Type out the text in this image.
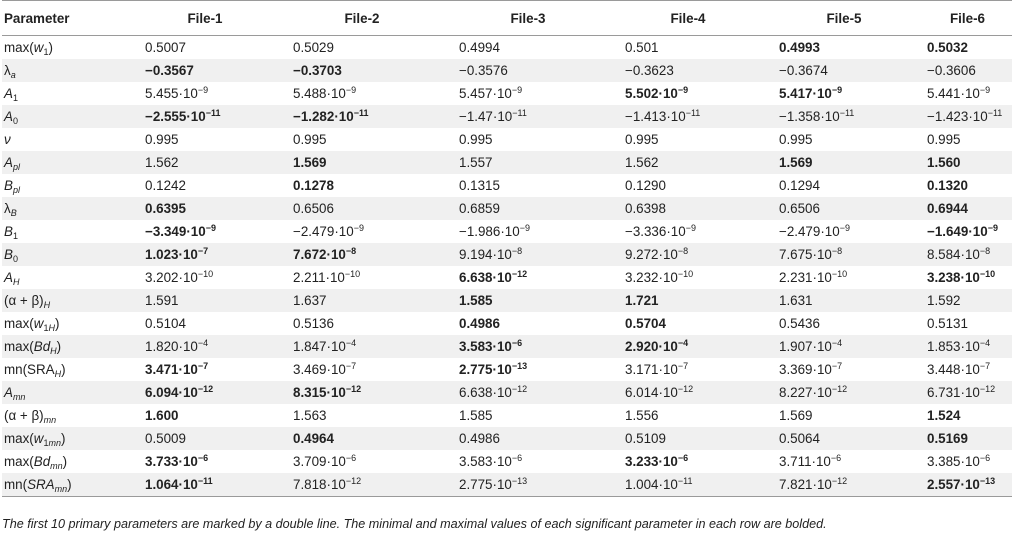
Parameter	File-1	File-2	File-3	File-4	File-5	File-6
$\max(w_1)$	0.5007	0.5029	0.4994	0.501	0.4993	0.5032
$\lambda_a$	−0.3567	−0.3703	−0.3576	−0.3623	−0.3674	−0.3606
$A_1$	$5.455\cdot 10^{-9}$	$5.488\cdot 10^{-9}$	$5.457\cdot 10^{-9}$	$5.502\cdot 10^{-9}$	$5.417\cdot 10^{-9}$	$5.441\cdot 10^{-9}$
$A_0$	$-2.555\cdot 10^{-11}$	$-1.282\cdot 10^{-11}$	$-1.47\cdot 10^{-11}$	$-1.413\cdot 10^{-11}$	$-1.358\cdot 10^{-11}$	$-1.423\cdot 10^{-11}$
ν	0.995	0.995	0.995	0.995	0.995	0.995
$A_{pl}$	1.562	1.569	1.557	1.562	1.569	1.560
$B_{pl}$	0.1242	0.1278	0.1315	0.1290	0.1294	0.1320
$\lambda_B$	0.6395	0.6506	0.6859	0.6398	0.6506	0.6944
$B_1$	$-3.349\cdot 10^{-9}$	$-2.479\cdot 10^{-9}$	$-1.986\cdot 10^{-9}$	$-3.336\cdot 10^{-9}$	$-2.479\cdot 10^{-9}$	$-1.649\cdot 10^{-9}$
$B_0$	$1.023\cdot 10^{-7}$	$7.672\cdot 10^{-8}$	$9.194\cdot 10^{-8}$	$9.272\cdot 10^{-8}$	$7.675\cdot 10^{-8}$	$8.584\cdot 10^{-8}$
$A_H$	$3.202\cdot 10^{-10}$	$2.211\cdot 10^{-10}$	$6.638\cdot 10^{-12}$	$3.232\cdot 10^{-10}$	$2.231\cdot 10^{-10}$	$3.238\cdot 10^{-10}$
$(\alpha + \beta)_H$	1.591	1.637	1.585	1.721	1.631	1.592
$\max(w_{1H})$	0.5104	0.5136	0.4986	0.5704	0.5436	0.5131
$\max(Bd_H)$	$1.820\cdot 10^{-4}$	$1.847\cdot 10^{-4}$	$3.583\cdot 10^{-6}$	$2.920\cdot 10^{-4}$	$1.907\cdot 10^{-4}$	$1.853\cdot 10^{-4}$
$mn(SRA_H)$	$3.471\cdot 10^{-7}$	$3.469\cdot 10^{-7}$	$2.775\cdot 10^{-13}$	$3.171\cdot 10^{-7}$	$3.369\cdot 10^{-7}$	$3.448\cdot 10^{-7}$
$A_{mn}$	$6.094\cdot 10^{-12}$	$8.315\cdot 10^{-12}$	$6.638\cdot 10^{-12}$	$6.014\cdot 10^{-12}$	$8.227\cdot 10^{-12}$	$6.731\cdot 10^{-12}$
$(\alpha + \beta)_{mn}$	1.600	1.563	1.585	1.556	1.569	1.524
$\max(w_{1mn})$	0.5009	0.4964	0.4986	0.5109	0.5064	0.5169
$\max(Bd_{mn})$	$3.733\cdot 10^{-6}$	$3.709\cdot 10^{-6}$	$3.583\cdot 10^{-6}$	$3.233\cdot 10^{-6}$	$3.711\cdot 10^{-6}$	$3.385\cdot 10^{-6}$
$mn(SRA_{mn})$	$1.064\cdot 10^{-11}$	$7.818\cdot 10^{-12}$	$2.775\cdot 10^{-13}$	$1.004\cdot 10^{-11}$	$7.821\cdot 10^{-12}$	$2.557\cdot 10^{-13}$
The first 10 primary parameters are marked by a double line. The minimal and maximal values of each significant parameter in each row are bolded.
